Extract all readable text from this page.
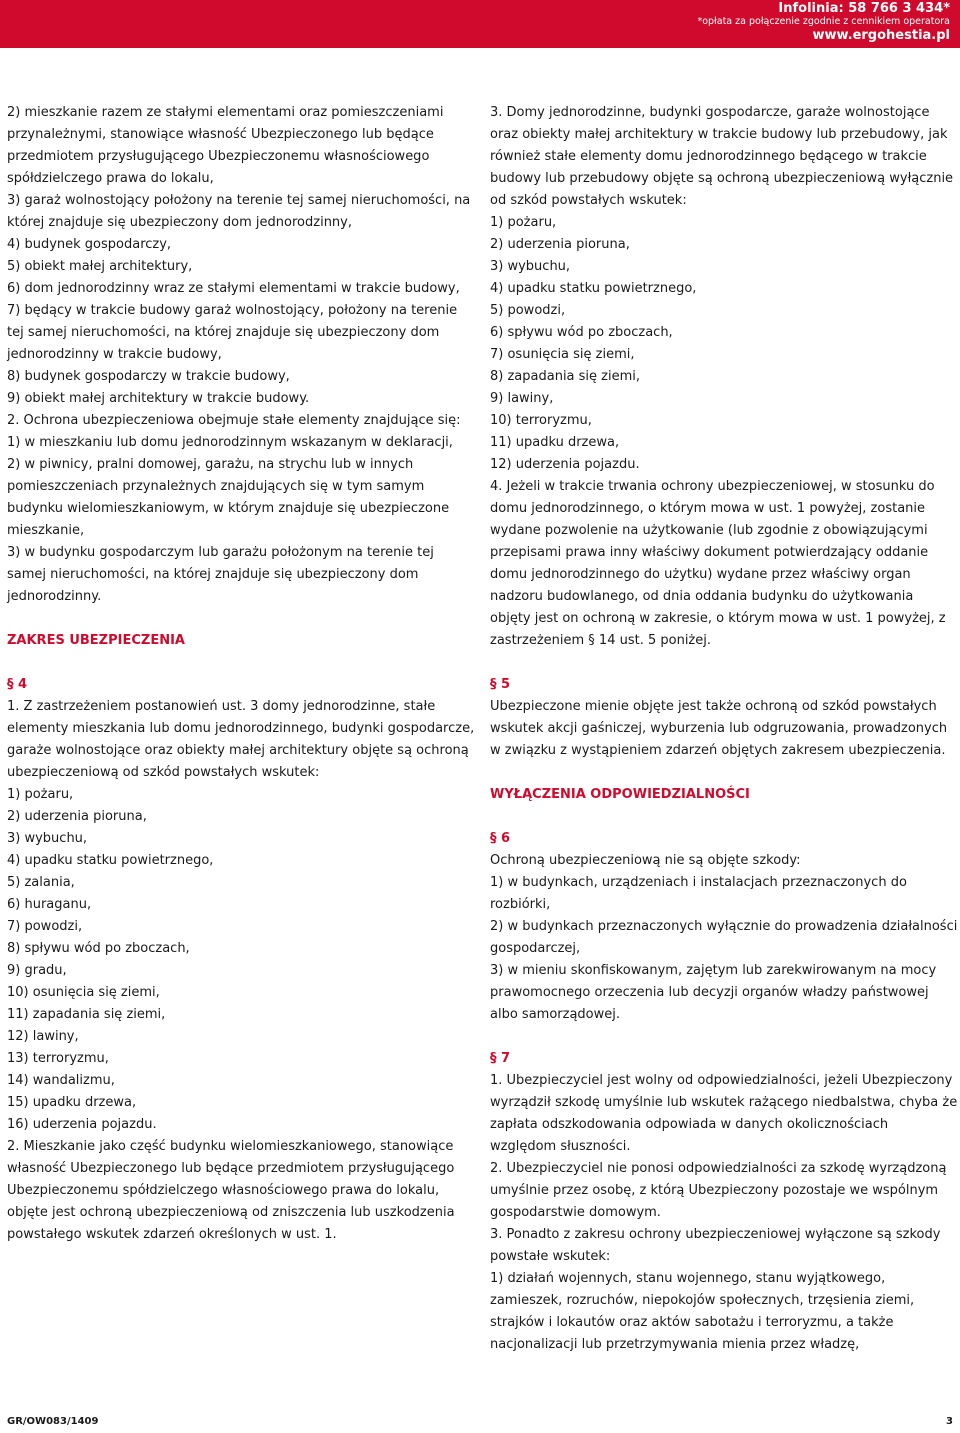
Infolinia: 58 766 3 434*
*opłata za połączenie zgodnie z cennikiem operatora
www.ergohestia.pl

2) mieszkanie razem ze stałymi elementami oraz pomieszczeniami przynależnymi, stanowiące własność Ubezpieczonego lub będące przedmiotem przysługującego Ubezpieczonemu własnościowego spółdzielczego prawa do lokalu,

3) garaż wolnostojący położony na terenie tej samej nieruchomości, na której znajduje się ubezpieczony dom jednorodzinny,

4) budynek gospodarczy,

5) obiekt małej architektury,

6) dom jednorodzinny wraz ze stałymi elementami w trakcie budowy,

7) będący w trakcie budowy garaż wolnostojący, położony na terenie tej samej nieruchomości, na której znajduje się ubezpieczony dom jednorodzinny w trakcie budowy,

8) budynek gospodarczy w trakcie budowy,

9) obiekt małej architektury w trakcie budowy.

2. Ochrona ubezpieczeniowa obejmuje stałe elementy znajdujące się:

1) w mieszkaniu lub domu jednorodzinnym wskazanym w deklaracji,

2) w piwnicy, pralni domowej, garażu, na strychu lub w innych pomieszczeniach przynależnych znajdujących się w tym samym budynku wielomieszkaniowym, w którym znajduje się ubezpieczone mieszkanie,

3) w budynku gospodarczym lub garażu położonym na terenie tej samej nieruchomości, na której znajduje się ubezpieczony dom jednorodzinny.

ZAKRES UBEZPIECZENIA

§ 4

1. Z zastrzeżeniem postanowień ust. 3 domy jednorodzinne, stałe elementy mieszkania lub domu jednorodzinnego, budynki gospodarcze, garaże wolnostojące oraz obiekty małej architektury objęte są ochroną ubezpieczeniową od szkód powstałych wskutek:

1) pożaru,

2) uderzenia pioruna,

3) wybuchu,

4) upadku statku powietrznego,

5) zalania,

6) huraganu,

7) powodzi,

8) spływu wód po zboczach,

9) gradu,

10) osunięcia się ziemi,

11) zapadania się ziemi,

12) lawiny,

13) terroryzmu,

14) wandalizmu,

15) upadku drzewa,

16) uderzenia pojazdu.

2. Mieszkanie jako część budynku wielomieszkaniowego, stanowiące własność Ubezpieczonego lub będące przedmiotem przysługującego Ubezpieczonemu spółdzielczego własnościowego prawa do lokalu, objęte jest ochroną ubezpieczeniową od zniszczenia lub uszkodzenia powstałego wskutek zdarzeń określonych w ust. 1.

3. Domy jednorodzinne, budynki gospodarcze, garaże wolnostojące oraz obiekty małej architektury w trakcie budowy lub przebudowy, jak również stałe elementy domu jednorodzinnego będącego w trakcie budowy lub przebudowy objęte są ochroną ubezpieczeniową wyłącznie od szkód powstałych wskutek:

1) pożaru,

2) uderzenia pioruna,

3) wybuchu,

4) upadku statku powietrznego,

5) powodzi,

6) spływu wód po zboczach,

7) osunięcia się ziemi,

8) zapadania się ziemi,

9) lawiny,

10) terroryzmu,

11) upadku drzewa,

12) uderzenia pojazdu.

4. Jeżeli w trakcie trwania ochrony ubezpieczeniowej, w stosunku do domu jednorodzinnego, o którym mowa w ust. 1 powyżej, zostanie wydane pozwolenie na użytkowanie (lub zgodnie z obowiązującymi przepisami prawa inny właściwy dokument potwierdzający oddanie domu jednorodzinnego do użytku) wydane przez właściwy organ nadzoru budowlanego, od dnia oddania budynku do użytkowania objęty jest on ochroną w zakresie, o którym mowa w ust. 1 powyżej, z zastrzeżeniem § 14 ust. 5 poniżej.

§ 5

Ubezpieczone mienie objęte jest także ochroną od szkód powstałych wskutek akcji gaśniczej, wyburzenia lub odgruzowania, prowadzonych w związku z wystąpieniem zdarzeń objętych zakresem ubezpieczenia.

WYŁĄCZENIA ODPOWIEDZIALNOŚCI

§ 6

Ochroną ubezpieczeniową nie są objęte szkody:

1) w budynkach, urządzeniach i instalacjach przeznaczonych do rozbiórki,

2) w budynkach przeznaczonych wyłącznie do prowadzenia działalności gospodarczej,

3) w mieniu skonfiskowanym, zajętym lub zarekwirowanym na mocy prawomocnego orzeczenia lub decyzji organów władzy państwowej albo samorządowej.

§ 7

1. Ubezpieczyciel jest wolny od odpowiedzialności, jeżeli Ubezpieczony wyrządził szkodę umyślnie lub wskutek rażącego niedbalstwa, chyba że zapłata odszkodowania odpowiada w danych okolicznościach względom słuszności.

2. Ubezpieczyciel nie ponosi odpowiedzialności za szkodę wyrządzoną umyślnie przez osobę, z którą Ubezpieczony pozostaje we wspólnym gospodarstwie domowym.

3. Ponadto z zakresu ochrony ubezpieczeniowej wyłączone są szkody powstałe wskutek:

1) działań wojennych, stanu wojennego, stanu wyjątkowego, zamieszek, rozruchów, niepokojów społecznych, trzęsienia ziemi, strajków i lokautów oraz aktów sabotażu i terroryzmu, a także nacjonalizacji lub przetrzymywania mienia przez władzę,

GR/OW083/1409	3
